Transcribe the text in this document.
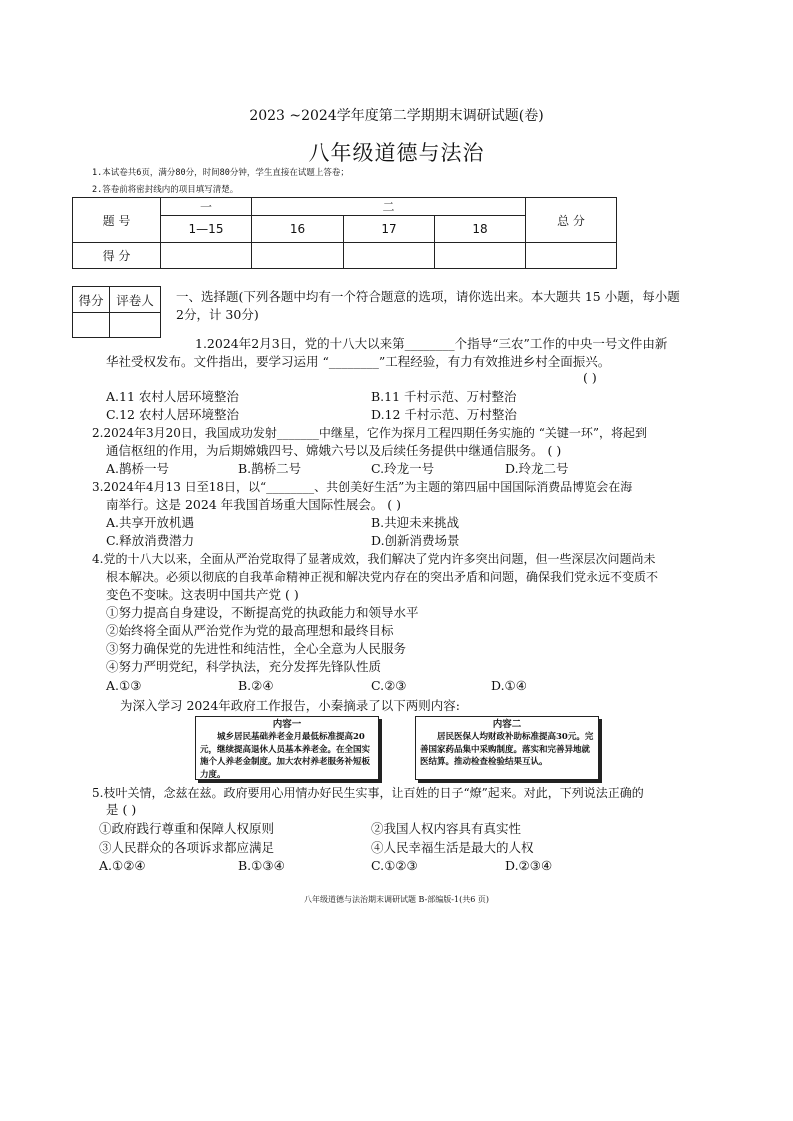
2023 ~2024学年度第二学期期末调研试题(卷)
八年级道德与法治
1.本试卷共6页，满分80分，时间80分钟，学生直接在试题上答卷；
2.答卷前将密封线内的项目填写清楚。
题 号	一	二			总 分
	1—15	16	17	18	
得 分					
得分	评卷人
	一、选择题(下列各题中均有一个符合题意的选项，请你选出来。本大题共 15 小题，每小题
2分，计 30分)
1.2024年2月3日，党的十八大以来第________个指导“三农”工作的中央一号文件由新
华社受权发布。文件指出，要学习运用 “________”工程经验，有力有效推进乡村全面振兴。
( )
A.11 农村人居环境整治	B.11 千村示范、万村整治
C.12 农村人居环境整治	D.12 千村示范、万村整治
2.2024年3月20日，我国成功发射_______中继星，它作为探月工程四期任务实施的 “关键一环”，将起到
通信枢纽的作用，为后期嫦娥四号、嫦娥六号以及后续任务提供中继通信服务。 ( )
A.鹊桥一号	B.鹊桥二号	C.玲龙一号	D.玲龙二号
3.2024年4月13 日至18日，以“________、共创美好生活”为主题的第四届中国国际消费品博览会在海
南举行。这是 2024 年我国首场重大国际性展会。 ( )
A.共享开放机遇	B.共迎未来挑战
C.释放消费潜力	D.创新消费场景
4.党的十八大以来，全面从严治党取得了显著成效，我们解决了党内许多突出问题，但一些深层次问题尚未
根本解决。必须以彻底的自我革命精神正视和解决党内存在的突出矛盾和问题，确保我们党永远不变质不
变色不变味。这表明中国共产党 ( )
①努力提高自身建设，不断提高党的执政能力和领导水平
②始终将全面从严治党作为党的最高理想和最终目标
③努力确保党的先进性和纯洁性，全心全意为人民服务
④努力严明党纪，科学执法，充分发挥先锋队性质
A.①③	B.②④	C.②③	D.①④
为深入学习 2024年政府工作报告，小秦摘录了以下两则内容:
内容一
城乡居民基础养老金月最低标准提高20元，继续提高退休人员基本养老金。在全国实施个人养老金制度。加大农村养老服务补短板力度。
内容二
居民医保人均财政补助标准提高30元。完善国家药品集中采购制度。落实和完善异地就医结算。推动检查检验结果互认。
5.枝叶关情，念兹在兹。政府要用心用情办好民生实事，让百姓的日子“燎”起来。对此，下列说法正确的
是 ( )
①政府践行尊重和保障人权原则	②我国人权内容具有真实性
③人民群众的各项诉求都应满足	④人民幸福生活是最大的人权
A.①②④	B.①③④	C.①②③	D.②③④
八年级道德与法治期末调研试题 B-部编版-1(共6 页)
